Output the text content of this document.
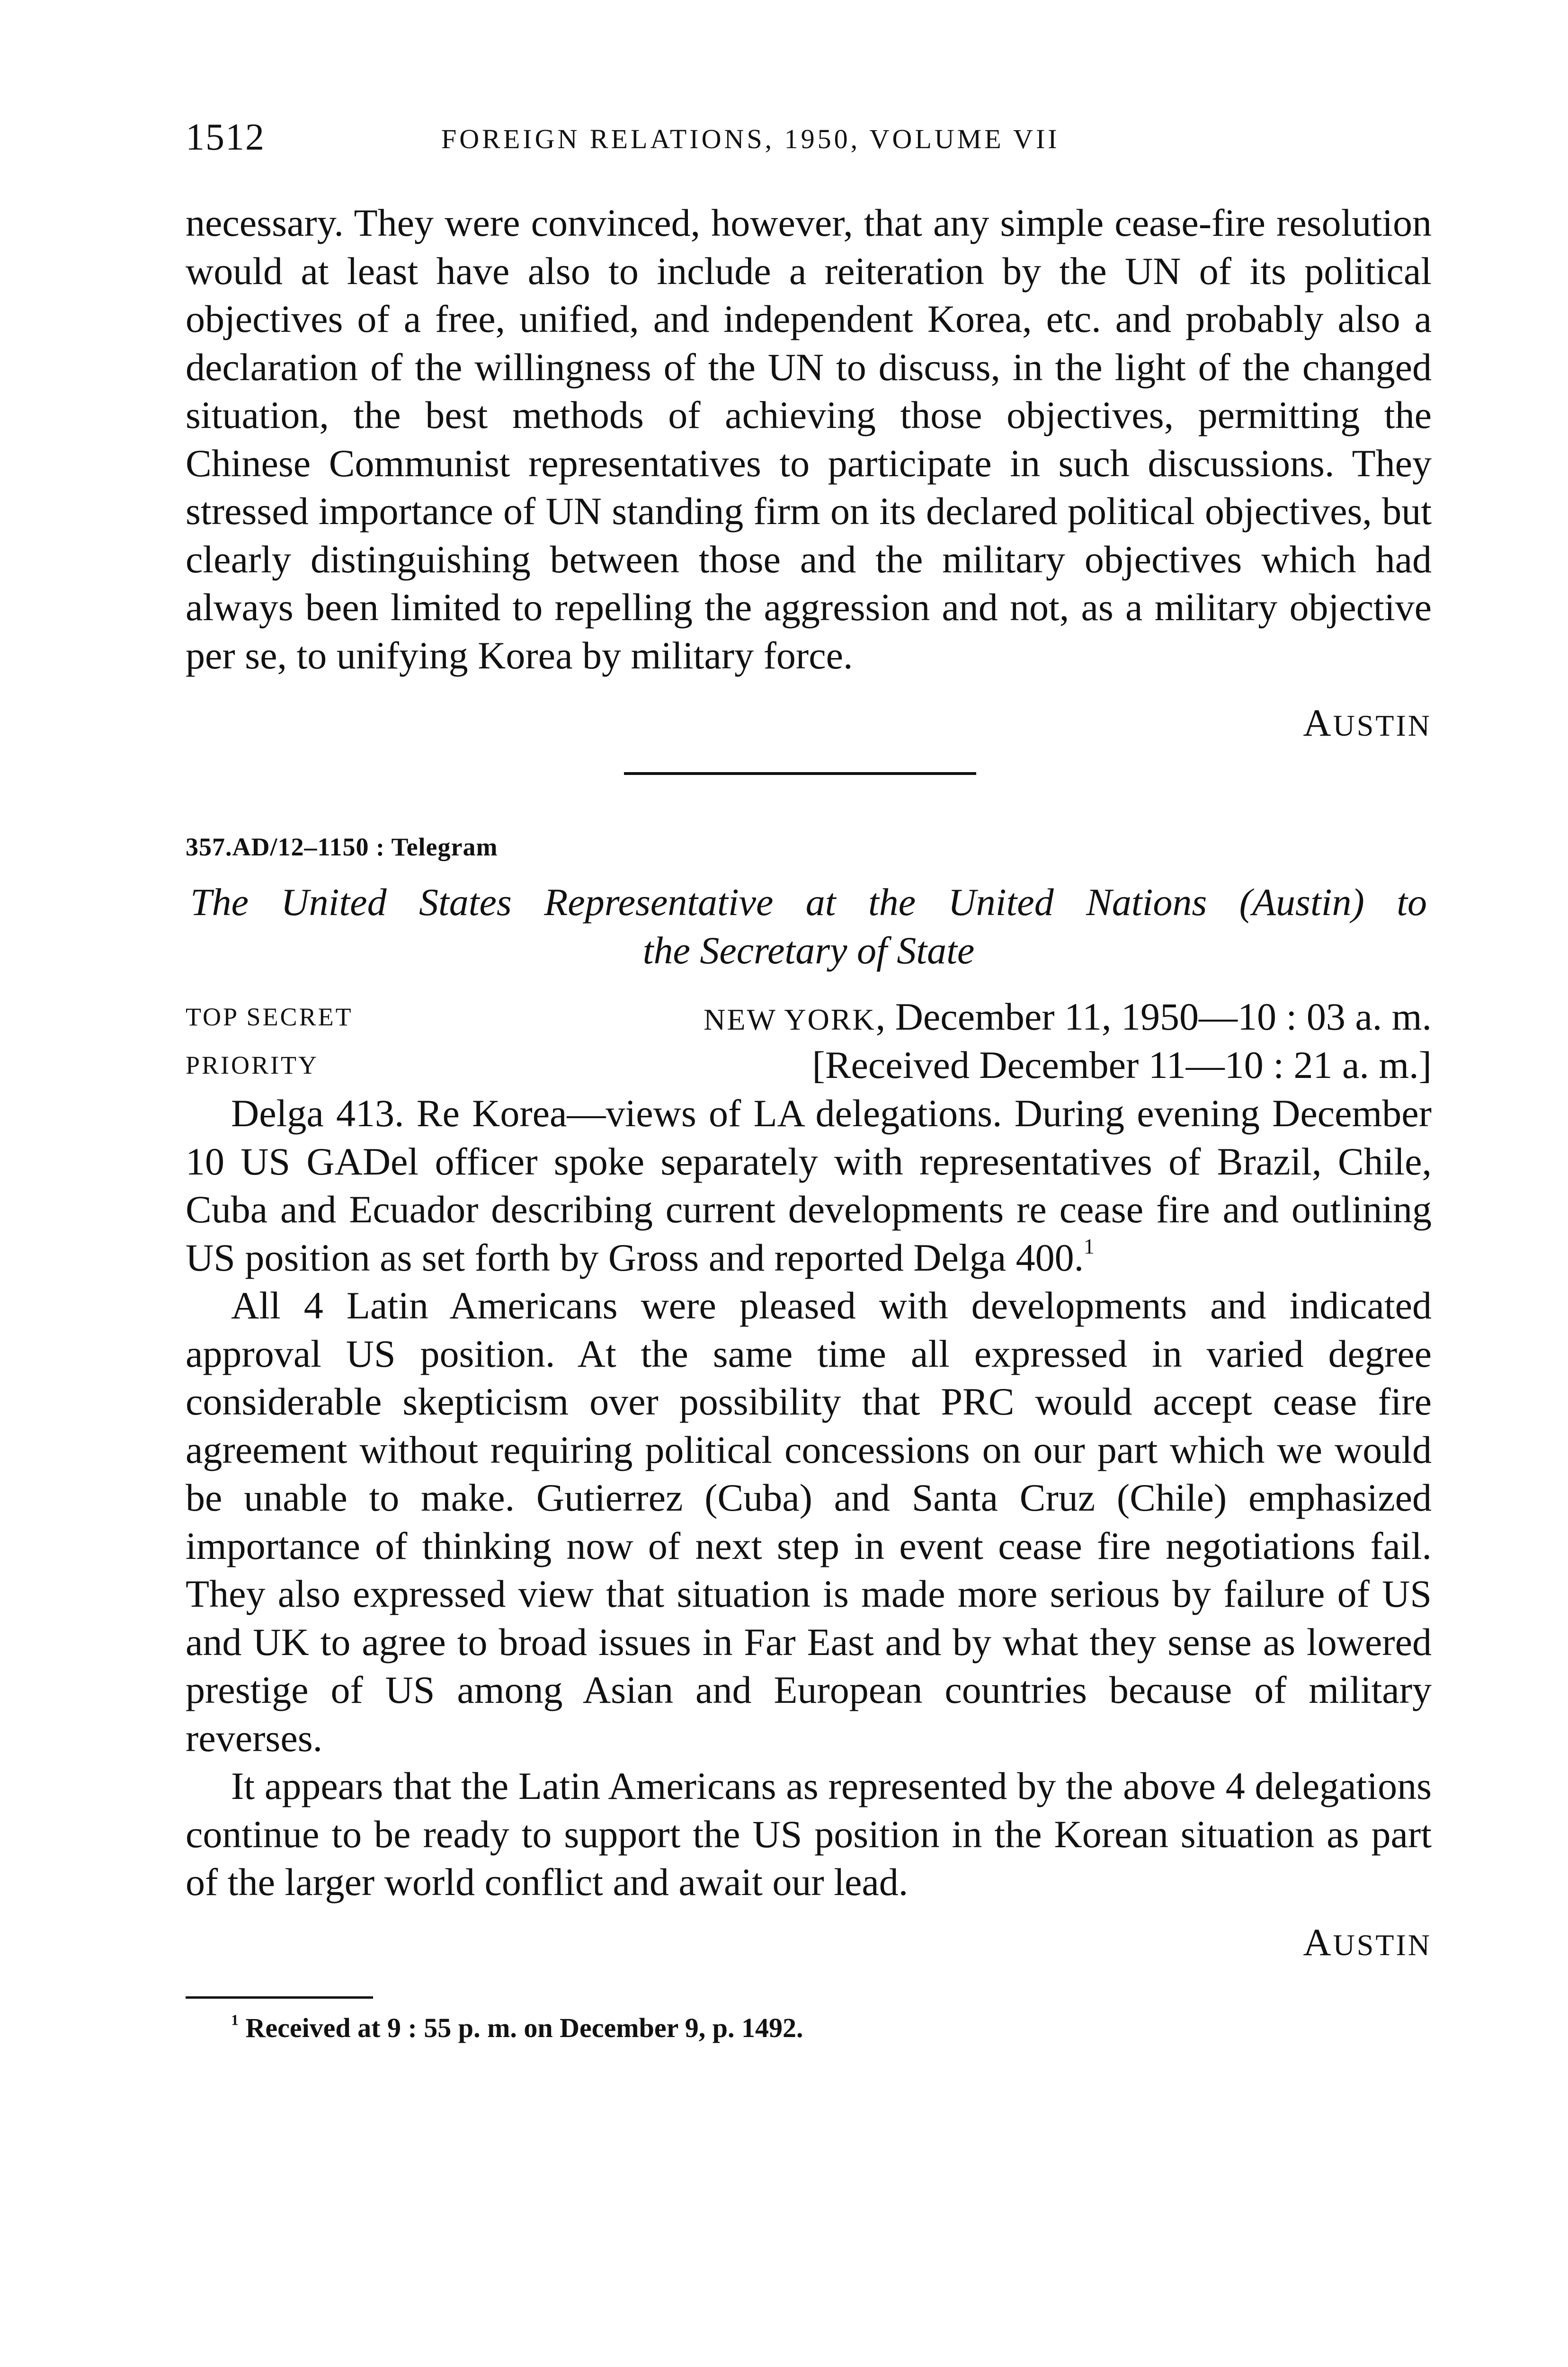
1512	FOREIGN RELATIONS, 1950, VOLUME VII

necessary. They were convinced, however, that any simple cease-fire resolution would at least have also to include a reiteration by the UN of its political objectives of a free, unified, and independent Korea, etc. and probably also a declaration of the willingness of the UN to discuss, in the light of the changed situation, the best methods of achieving those objectives, permitting the Chinese Communist representatives to participate in such discussions. They stressed importance of UN standing firm on its declared political objectives, but clearly distinguishing between those and the military objectives which had always been limited to repelling the aggression and not, as a military objective per se, to unifying Korea by military force.

AUSTIN
357.AD/12–1150 : Telegram
The United States Representative at the United Nations (Austin) to
the Secretary of State
TOP SECRET	NEW YORK, December 11, 1950—10 : 03 a. m.
PRIORITY	[Received December 11—10 : 21 a. m.]

Delga 413. Re Korea—views of LA delegations. During evening December 10 US GADel officer spoke separately with representatives of Brazil, Chile, Cuba and Ecuador describing current developments re cease fire and outlining US position as set forth by Gross and reported Delga 400.$^1$

All 4 Latin Americans were pleased with developments and indicated approval US position. At the same time all expressed in varied degree considerable skepticism over possibility that PRC would accept cease fire agreement without requiring political concessions on our part which we would be unable to make. Gutierrez (Cuba) and Santa Cruz (Chile) emphasized importance of thinking now of next step in event cease fire negotiations fail. They also expressed view that situation is made more serious by failure of US and UK to agree to broad issues in Far East and by what they sense as lowered prestige of US among Asian and European countries because of military reverses.

It appears that the Latin Americans as represented by the above 4 delegations continue to be ready to support the US position in the Korean situation as part of the larger world conflict and await our lead.

AUSTIN
$^1$ Received at 9 : 55 p. m. on December 9, p. 1492.
